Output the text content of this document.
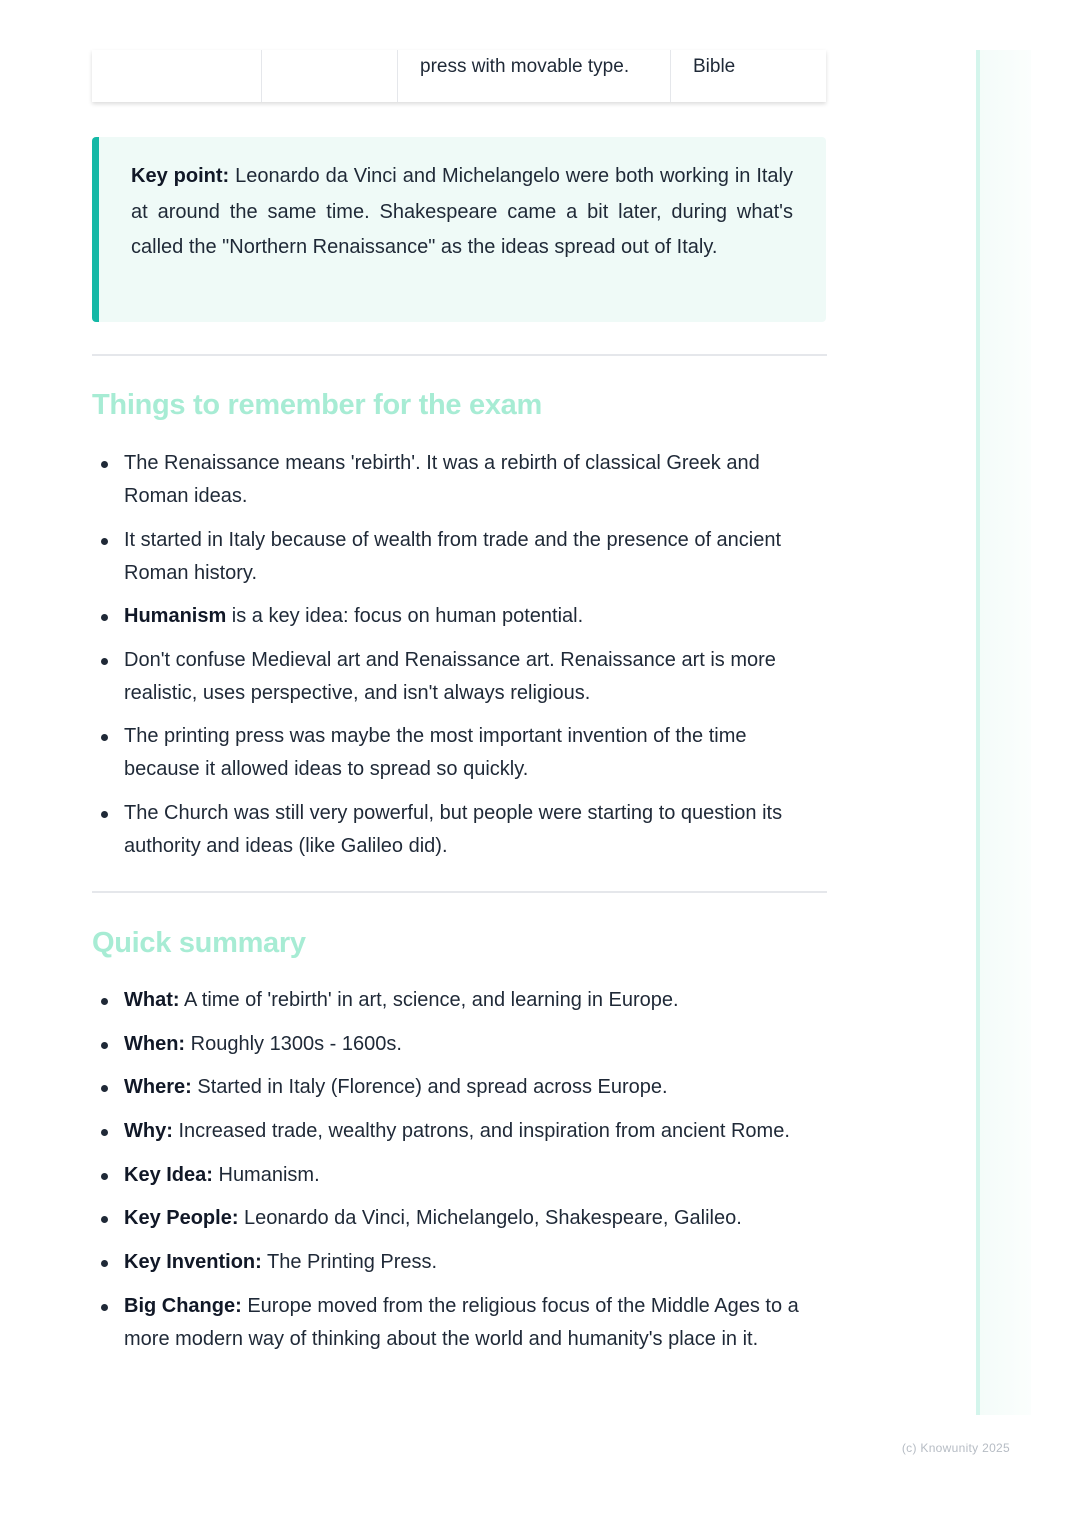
press with movable type.	Bible

Key point: Leonardo da Vinci and Michelangelo were both working in Italy at around the same time. Shakespeare came a bit later, during what's called the "Northern Renaissance" as the ideas spread out of Italy.

Things to remember for the exam
The Renaissance means 'rebirth'. It was a rebirth of classical Greek and Roman ideas.
It started in Italy because of wealth from trade and the presence of ancient Roman history.
Humanism is a key idea: focus on human potential.
Don't confuse Medieval art and Renaissance art. Renaissance art is more realistic, uses perspective, and isn't always religious.
The printing press was maybe the most important invention of the time because it allowed ideas to spread so quickly.
The Church was still very powerful, but people were starting to question its authority and ideas (like Galileo did).
Quick summary
What: A time of 'rebirth' in art, science, and learning in Europe.
When: Roughly 1300s - 1600s.
Where: Started in Italy (Florence) and spread across Europe.
Why: Increased trade, wealthy patrons, and inspiration from ancient Rome.
Key Idea: Humanism.
Key People: Leonardo da Vinci, Michelangelo, Shakespeare, Galileo.
Key Invention: The Printing Press.
Big Change: Europe moved from the religious focus of the Middle Ages to a more modern way of thinking about the world and humanity's place in it.
(c) Knowunity 2025
